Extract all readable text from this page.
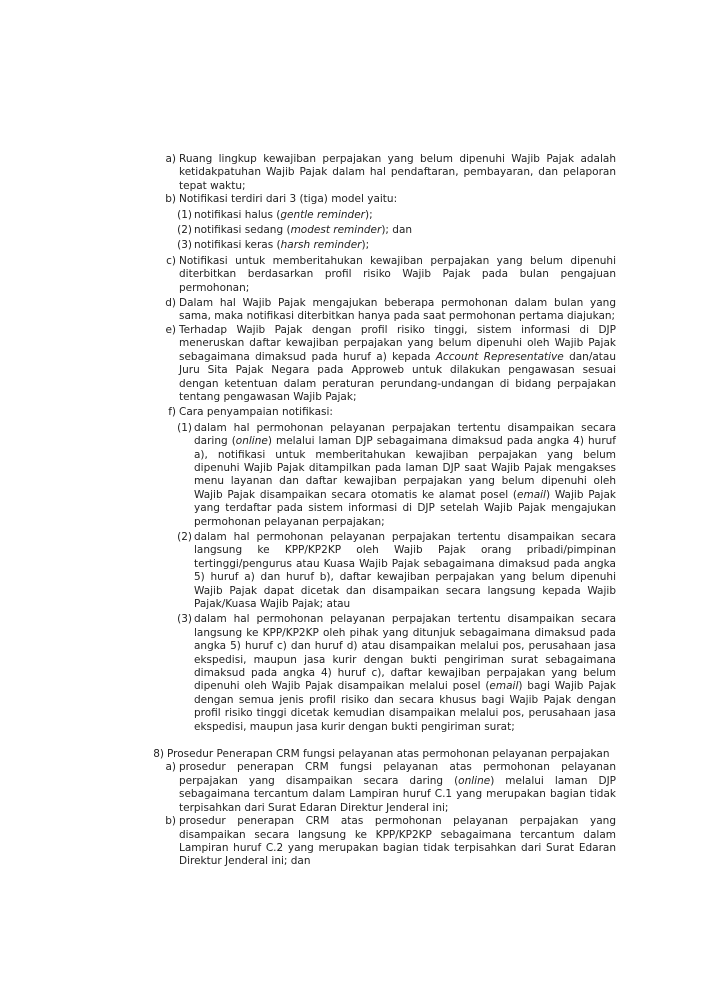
a) Ruang lingkup kewajiban perpajakan yang belum dipenuhi Wajib Pajak adalah ketidakpatuhan Wajib Pajak dalam hal pendaftaran, pembayaran, dan pelaporan tepat waktu;
b) Notifikasi terdiri dari 3 (tiga) model yaitu:
(1) notifikasi halus (gentle reminder);
(2) notifikasi sedang (modest reminder); dan
(3) notifikasi keras (harsh reminder);
c) Notifikasi untuk memberitahukan kewajiban perpajakan yang belum dipenuhi diterbitkan berdasarkan profil risiko Wajib Pajak pada bulan pengajuan permohonan;
d) Dalam hal Wajib Pajak mengajukan beberapa permohonan dalam bulan yang sama, maka notifikasi diterbitkan hanya pada saat permohonan pertama diajukan;
e) Terhadap Wajib Pajak dengan profil risiko tinggi, sistem informasi di DJP meneruskan daftar kewajiban perpajakan yang belum dipenuhi oleh Wajib Pajak sebagaimana dimaksud pada huruf a) kepada Account Representative dan/atau Juru Sita Pajak Negara pada Approweb untuk dilakukan pengawasan sesuai dengan ketentuan dalam peraturan perundang-undangan di bidang perpajakan tentang pengawasan Wajib Pajak;
f) Cara penyampaian notifikasi:
(1) dalam hal permohonan pelayanan perpajakan tertentu disampaikan secara daring (online) melalui laman DJP sebagaimana dimaksud pada angka 4) huruf a), notifikasi untuk memberitahukan kewajiban perpajakan yang belum dipenuhi Wajib Pajak ditampilkan pada laman DJP saat Wajib Pajak mengakses menu layanan dan daftar kewajiban perpajakan yang belum dipenuhi oleh Wajib Pajak disampaikan secara otomatis ke alamat posel (email) Wajib Pajak yang terdaftar pada sistem informasi di DJP setelah Wajib Pajak mengajukan permohonan pelayanan perpajakan;
(2) dalam hal permohonan pelayanan perpajakan tertentu disampaikan secara langsung ke KPP/KP2KP oleh Wajib Pajak orang pribadi/pimpinan tertinggi/pengurus atau Kuasa Wajib Pajak sebagaimana dimaksud pada angka 5) huruf a) dan huruf b), daftar kewajiban perpajakan yang belum dipenuhi Wajib Pajak dapat dicetak dan disampaikan secara langsung kepada Wajib Pajak/Kuasa Wajib Pajak; atau
(3) dalam hal permohonan pelayanan perpajakan tertentu disampaikan secara langsung ke KPP/KP2KP oleh pihak yang ditunjuk sebagaimana dimaksud pada angka 5) huruf c) dan huruf d) atau disampaikan melalui pos, perusahaan jasa ekspedisi, maupun jasa kurir dengan bukti pengiriman surat sebagaimana dimaksud pada angka 4) huruf c), daftar kewajiban perpajakan yang belum dipenuhi oleh Wajib Pajak disampaikan melalui posel (email) bagi Wajib Pajak dengan semua jenis profil risiko dan secara khusus bagi Wajib Pajak dengan profil risiko tinggi dicetak kemudian disampaikan melalui pos, perusahaan jasa ekspedisi, maupun jasa kurir dengan bukti pengiriman surat;
8) Prosedur Penerapan CRM fungsi pelayanan atas permohonan pelayanan perpajakan
a) prosedur penerapan CRM fungsi pelayanan atas permohonan pelayanan perpajakan yang disampaikan secara daring (online) melalui laman DJP sebagaimana tercantum dalam Lampiran huruf C.1 yang merupakan bagian tidak terpisahkan dari Surat Edaran Direktur Jenderal ini;
b) prosedur penerapan CRM atas permohonan pelayanan perpajakan yang disampaikan secara langsung ke KPP/KP2KP sebagaimana tercantum dalam Lampiran huruf C.2 yang merupakan bagian tidak terpisahkan dari Surat Edaran Direktur Jenderal ini; dan
